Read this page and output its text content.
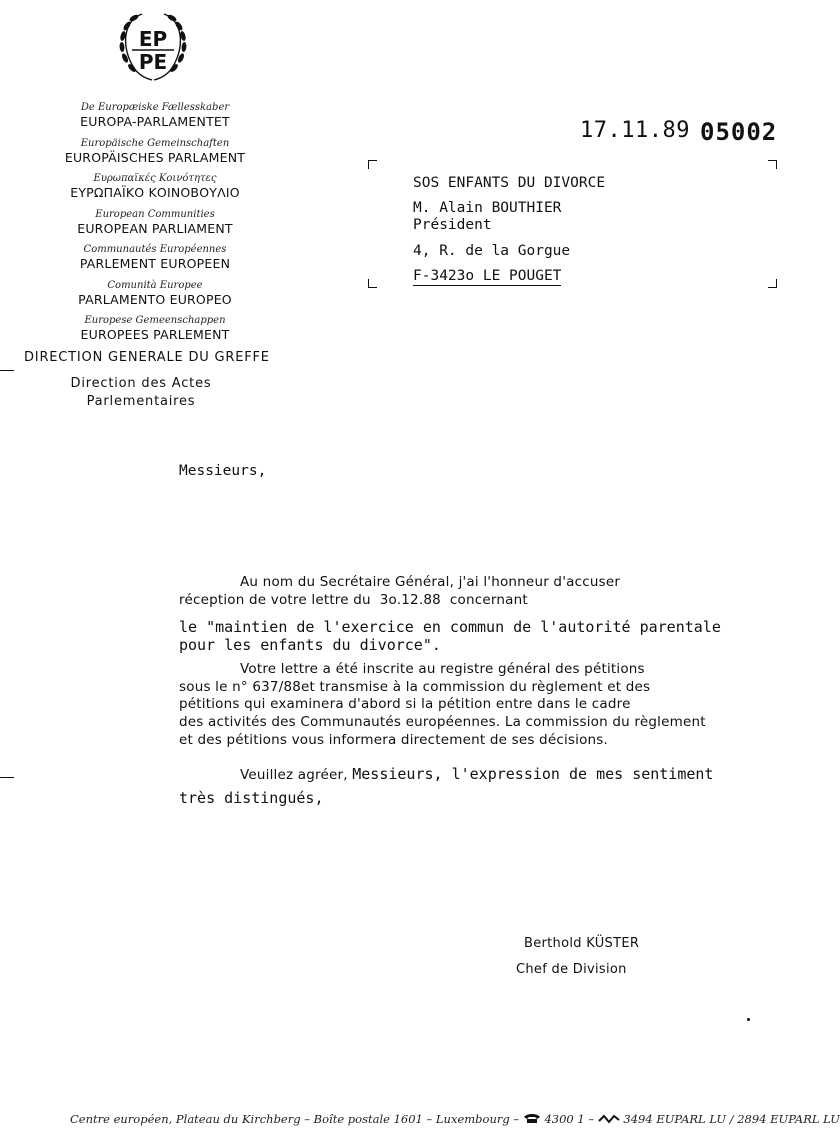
EP
PE
De Europæiske Fællesskaber
EUROPA-PARLAMENTET
Europäische Gemeinschaften
EUROPÄISCHES PARLAMENT
Ευρωπαϊκές Κοινότητες
ΕΥΡΩΠΑΪΚΟ ΚΟΙΝΟΒΟΥΛΙΟ
European Communities
EUROPEAN PARLIAMENT
Communautés Européennes
PARLEMENT EUROPEEN
Comunità Europee
PARLAMENTO EUROPEO
Europese Gemeenschappen
EUROPEES PARLEMENT
DIRECTION GENERALE DU GREFFE
Direction des Actes
Parlementaires
17.11.89 05002
SOS ENFANTS DU DIVORCE
M. Alain BOUTHIER
Président
4, R. de la Gorgue
F-3423o LE POUGET
Messieurs,
Au nom du Secrétaire Général, j'ai l'honneur d'accuser
réception de votre lettre du  3o.12.88  concernant
le "maintien de l'exercice en commun de l'autorité parentale
pour les enfants du divorce".
Votre lettre a été inscrite au registre général des pétitions
sous le n° 637/88et transmise à la commission du règlement et des
pétitions qui examinera d'abord si la pétition entre dans le cadre
des activités des Communautés européennes. La commission du règlement
et des pétitions vous informera directement de ses décisions.
Veuillez agréer, Messieurs, l'expression de mes sentiment
très distingués,
Berthold KÜSTER
Chef de Division
Centre européen, Plateau du Kirchberg – Boîte postale 1601 – Luxembourg – 4300 1 –	3494 EUPARL LU / 2894 EUPARL LU
